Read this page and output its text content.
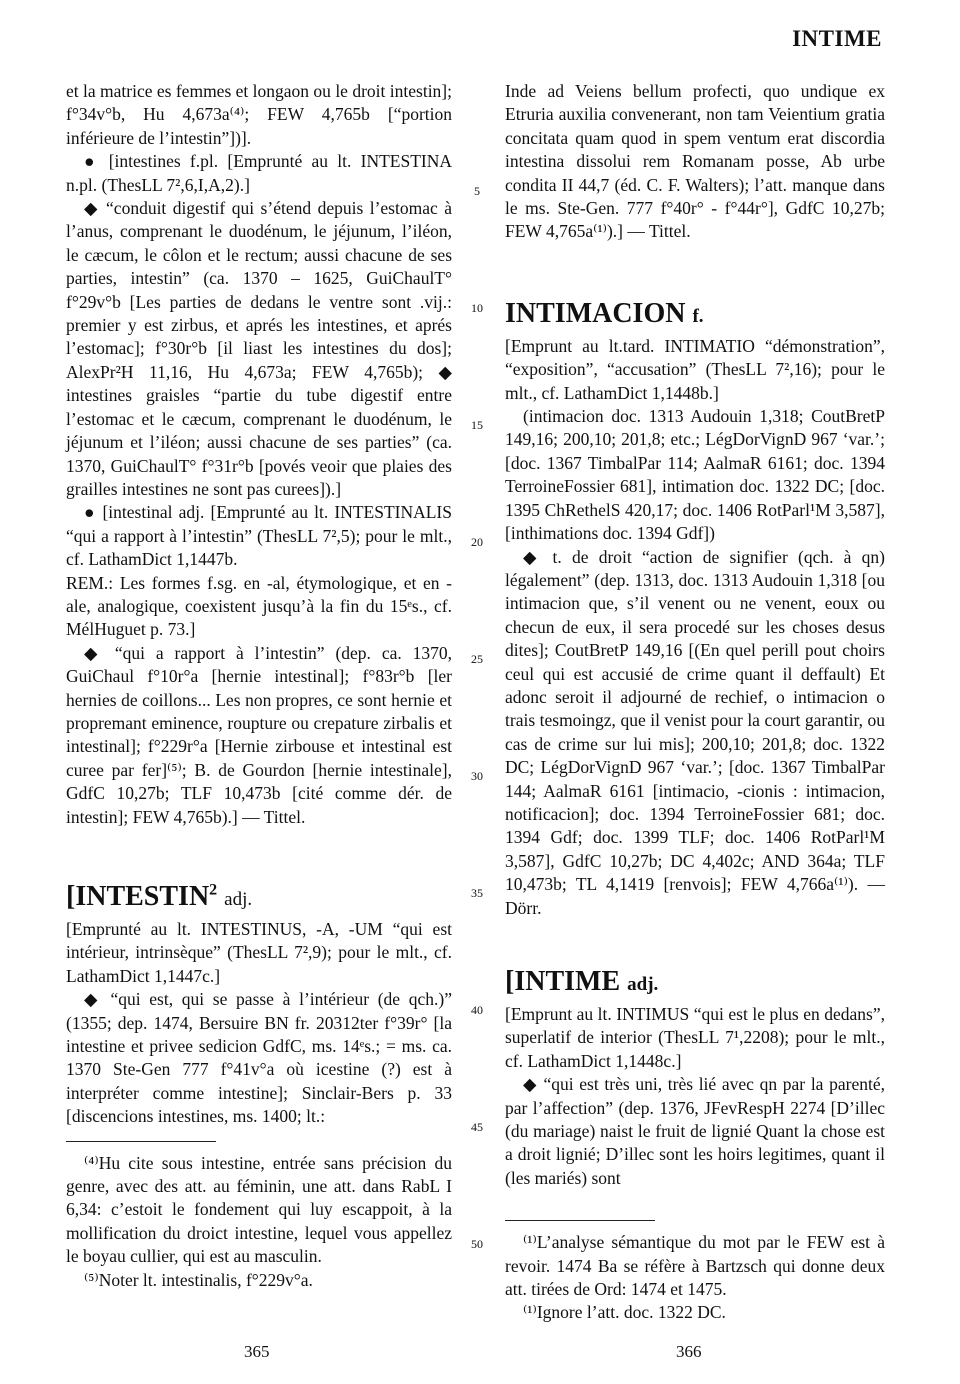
INTIME

et la matrice es femmes et longaon ou le droit intestin]; f°34v°b, Hu 4,673a⁽⁴⁾; FEW 4,765b [“portion inférieure de l’intestin”])].

● [intestines f.pl. [Emprunté au lt. INTESTINA n.pl. (ThesLL 7²,6,I,A,2).]

◆ “conduit digestif qui s’étend depuis l’estomac à l’anus, comprenant le duodénum, le jéjunum, l’iléon, le cæcum, le côlon et le rectum; aussi chacune de ses parties, intestin” (ca. 1370 – 1625, GuiChaulT° f°29v°b [Les parties de dedans le ventre sont .vij.: premier y est zirbus, et aprés les intestines, et aprés l’estomac]; f°30r°b [il liast les intestines du dos]; AlexPr²H 11,16, Hu 4,673a; FEW 4,765b); ◆ intestines graisles “partie du tube digestif entre l’estomac et le cæcum, comprenant le duodénum, le jéjunum et l’iléon; aussi chacune de ses parties” (ca. 1370, GuiChaulT° f°31r°b [povés veoir que plaies des grailles intestines ne sont pas curees]).]

● [intestinal adj. [Emprunté au lt. INTESTINALIS “qui a rapport à l’intestin” (ThesLL 7²,5); pour le mlt., cf. LathamDict 1,1447b.

REM.: Les formes f.sg. en -al, étymologique, et en -ale, analogique, coexistent jusqu’à la fin du 15ᵉs., cf. MélHuguet p. 73.]

◆ “qui a rapport à l’intestin” (dep. ca. 1370, GuiChaul f°10r°a [hernie intestinal]; f°83r°b [ler hernies de coillons... Les non propres, ce sont hernie et propremant eminence, roupture ou crepature zirbalis et intestinal]; f°229r°a [Hernie zirbouse et intestinal est curee par fer]⁽⁵⁾; B. de Gourdon [hernie intestinale], GdfC 10,27b; TLF 10,473b [cité comme dér. de intestin]; FEW 4,765b).] — Tittel.

[INTESTIN$^2$ adj.

[Emprunté au lt. INTESTINUS, -A, -UM “qui est intérieur, intrinsèque” (ThesLL 7²,9); pour le mlt., cf. LathamDict 1,1447c.]

◆ “qui est, qui se passe à l’intérieur (de qch.)” (1355; dep. 1474, Bersuire BN fr. 20312ter f°39r° [la intestine et privee sedicion GdfC, ms. 14ᵉs.; = ms. ca. 1370 Ste-Gen 777 f°41v°a où icestine (?) est à interpréter comme intestine]; Sinclair-Bers p. 33 [discencions intestines, ms. 1400; lt.:

⁽⁴⁾Hu cite sous intestine, entrée sans précision du genre, avec des att. au féminin, une att. dans RabL I 6,34: c’estoit le fondement qui luy escappoit, à la mollification du droict intestine, lequel vous appellez le boyau cullier, qui est au masculin.

⁽⁵⁾Noter lt. intestinalis, f°229v°a.

Inde ad Veiens bellum profecti, quo undique ex Etruria auxilia convenerant, non tam Veientium gratia concitata quam quod in spem ventum erat discordia intestina dissolui rem Romanam posse, Ab urbe condita II 44,7 (éd. C. F. Walters); l’att. manque dans le ms. Ste-Gen. 777 f°40r° - f°44r°], GdfC 10,27b; FEW 4,765a⁽¹⁾).] — Tittel.

INTIMACION f.

[Emprunt au lt.tard. INTIMATIO “démonstration”, “exposition”, “accusation” (ThesLL 7²,16); pour le mlt., cf. LathamDict 1,1448b.]

(intimacion doc. 1313 Audouin 1,318; CoutBretP 149,16; 200,10; 201,8; etc.; LégDorVignD 967 ‘var.’; [doc. 1367 TimbalPar 114; AalmaR 6161; doc. 1394 TerroineFossier 681], intimation doc. 1322 DC; [doc. 1395 ChRethelS 420,17; doc. 1406 RotParl¹M 3,587], [inthimations doc. 1394 Gdf])

◆ t. de droit “action de signifier (qch. à qn) légalement” (dep. 1313, doc. 1313 Audouin 1,318 [ou intimacion que, s’il venent ou ne venent, eoux ou checun de eux, il sera procedé sur les choses desus dites]; CoutBretP 149,16 [(En quel perill pout choirs ceul qui est accusié de crime quant il deffault) Et adonc seroit il adjourné de rechief, o intimacion o trais tesmoingz, que il venist pour la court garantir, ou cas de crime sur lui mis]; 200,10; 201,8; doc. 1322 DC; LégDorVignD 967 ‘var.’; [doc. 1367 TimbalPar 144; AalmaR 6161 [intimacio, -cionis : intimacion, notificacion]; doc. 1394 TerroineFossier 681; doc. 1394 Gdf; doc. 1399 TLF; doc. 1406 RotParl¹M 3,587], GdfC 10,27b; DC 4,402c; AND 364a; TLF 10,473b; TL 4,1419 [renvois]; FEW 4,766a⁽¹⁾). — Dörr.

[INTIME adj.

[Emprunt au lt. INTIMUS “qui est le plus en dedans”, superlatif de interior (ThesLL 7¹,2208); pour le mlt., cf. LathamDict 1,1448c.]

◆ “qui est très uni, très lié avec qn par la parenté, par l’affection” (dep. 1376, JFevRespH 2274 [D’illec (du mariage) naist le fruit de lignié Quant la chose est a droit lignié; D’illec sont les hoirs legitimes, quant il (les mariés) sont

⁽¹⁾L’analyse sémantique du mot par le FEW est à revoir. 1474 Ba se réfère à Bartzsch qui donne deux att. tirées de Ord: 1474 et 1475.

⁽¹⁾Ignore l’att. doc. 1322 DC.

5
10
15
20
25
30
35
40
45
50
365	366
